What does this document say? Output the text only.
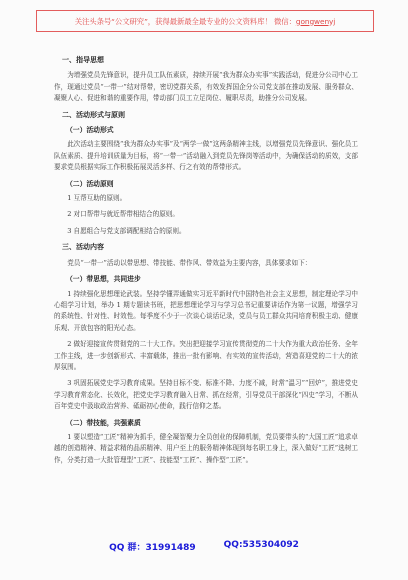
关注头条号“公文研究”，获得最新最全最专业的公文资料库！ 微信： gongwenyj
一、指导思想
为增强党员先锋意识，提升员工队伍素质，持续开展“我为群众办实事”实践活动，促进分公司中心工作，现通过党员“一带一”结对帮带，密切党群关系，有效发挥国企分公司党支部在推动发展、服务群众、凝聚人心、促进和谐的重要作用，带动部门员工立足岗位、履职尽责，助推分公司发展。
二、活动形式与原则
（一）活动形式
此次活动主要围绕“我为群众办实事”及“两学一做”这两条精神主线，以增强党员先锋意识、强化员工队伍素质、提升培训质量为目标，将“一带一”活动融入到党员先锋岗等活动中，为确保活动的质效，支部要求党员根据实际工作积极拓展灵活多样、行之有效的帮带形式。
（二）活动原则
1 互帮互助的原则。
2 对口帮带与就近帮带相结合的原则。
3 自愿组合与党支部调配相结合的原则。
三、活动内容
党员“一带一”活动以带思想、带技能、带作风、带效益为主要内容，具体要求如下：
（一）带思想，共同进步
1 持续强化思想理论武装。坚持学懂弄通做实习近平新时代中国特色社会主义思想，制定理论学习中心组学习计划，举办 1 期专题读书班，把思想理论学习与学习总书记重要讲话作为第一议题，增强学习的系统性、针对性、时效性。每季度不少于一次谈心谈话记录，党员与员工群众共同培育积极主动、健康乐观、开放包容的阳光心态。
2 做好迎接宣传贯彻党的二十大工作。突出把迎接学习宣传贯彻党的二十大作为重大政治任务、全年工作主线，进一步创新形式、丰富载体，推出一批有影响、有实效的宣传活动，营造喜迎党的二十大的浓厚氛围。
3 巩固拓展党史学习教育成果。坚持目标不变、标准不降、力度不减，时常“温习”“回炉”，推进党史学习教育常态化、长效化，把党史学习教育融入日常、抓在经常，引导党员干部深化“四史”学习，不断从百年党史中汲取政治营养、砥砺初心使命，践行信仰之基。
（二）带技能，共强素质
1 要以塑造“工匠”精神为抓手，健全凝智聚力全员创业的保障机制，党员要带头的“大国工匠”追求卓越的创造精神、精益求精的品质精神、用户至上的服务精神体现到每名职工身上，深入做好“工匠”选树工作，分类打造一大批管理型“工匠”、技能型“工匠”、操作型“工匠”。
QQ 群：31991489	QQ:535304092
